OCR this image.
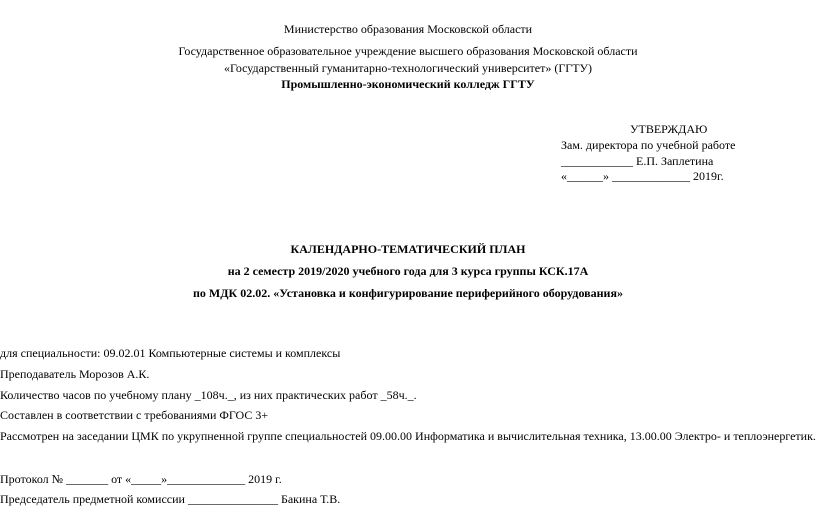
Министерство образования Московской области
Государственное образовательное учреждение высшего образования Московской области
«Государственный гуманитарно-технологический университет» (ГГТУ)
Промышленно-экономический колледж ГГТУ
УТВЕРЖДАЮ
Зам. директора по учебной работе
____________ Е.П. Заплетина
«______» _____________ 2019г.
КАЛЕНДАРНО-ТЕМАТИЧЕСКИЙ ПЛАН
на 2 семестр 2019/2020 учебного года для 3 курса группы КСК.17А
по МДК 02.02. «Установка и конфигурирование периферийного оборудования»
для специальности: 09.02.01 Компьютерные системы и комплексы
Преподаватель Морозов А.К.
Количество часов по учебному плану _108ч._, из них практических работ _58ч._.
Составлен в соответствии с требованиями ФГОС 3+
Рассмотрен на заседании ЦМК по укрупненной группе специальностей 09.00.00 Информатика и вычислительная техника, 13.00.00 Электро- и теплоэнергетик.
Протокол № _______ от «_____»_____________ 2019 г.
Председатель предметной комиссии _______________ Бакина Т.В.
